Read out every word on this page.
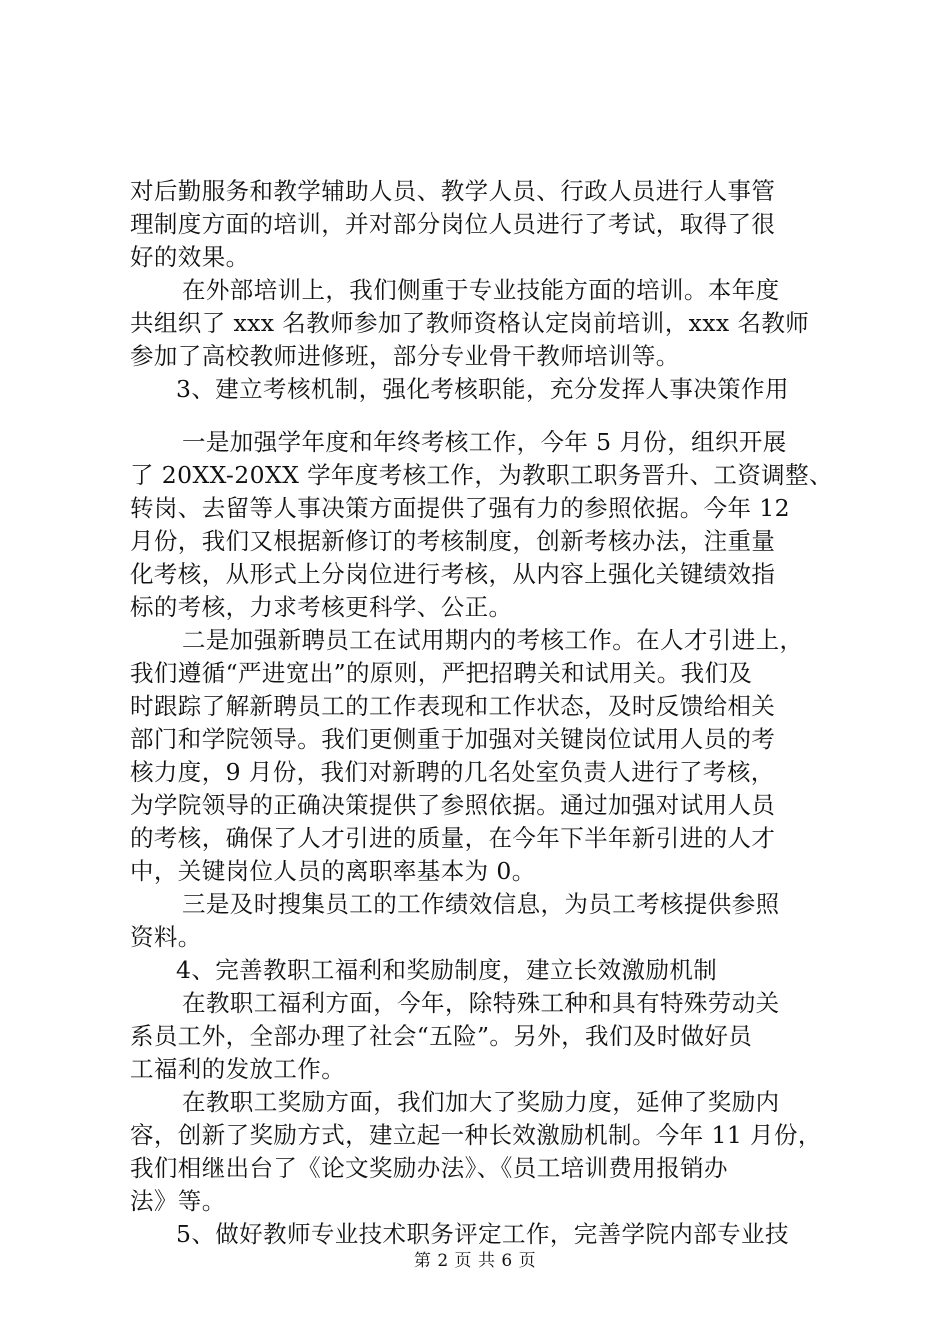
对后勤服务和教学辅助人员、教学人员、行政人员进行人事管
理制度方面的培训，并对部分岗位人员进行了考试，取得了很
好的效果。
在外部培训上，我们侧重于专业技能方面的培训。本年度
共组织了 xxx 名教师参加了教师资格认定岗前培训，xxx 名教师
参加了高校教师进修班，部分专业骨干教师培训等。
3、建立考核机制，强化考核职能，充分发挥人事决策作用
一是加强学年度和年终考核工作，今年 5 月份，组织开展
了 20XX-20XX 学年度考核工作，为教职工职务晋升、工资调整、
转岗、去留等人事决策方面提供了强有力的参照依据。今年 12
月份，我们又根据新修订的考核制度，创新考核办法，注重量
化考核，从形式上分岗位进行考核，从内容上强化关键绩效指
标的考核，力求考核更科学、公正。
二是加强新聘员工在试用期内的考核工作。在人才引进上，
我们遵循“严进宽出”的原则，严把招聘关和试用关。我们及
时跟踪了解新聘员工的工作表现和工作状态，及时反馈给相关
部门和学院领导。我们更侧重于加强对关键岗位试用人员的考
核力度，9 月份，我们对新聘的几名处室负责人进行了考核，
为学院领导的正确决策提供了参照依据。通过加强对试用人员
的考核，确保了人才引进的质量，在今年下半年新引进的人才
中，关键岗位人员的离职率基本为 0。
三是及时搜集员工的工作绩效信息，为员工考核提供参照
资料。
4、完善教职工福利和奖励制度，建立长效激励机制
在教职工福利方面，今年，除特殊工种和具有特殊劳动关
系员工外，全部办理了社会“五险”。另外，我们及时做好员
工福利的发放工作。
在教职工奖励方面，我们加大了奖励力度，延伸了奖励内
容，创新了奖励方式，建立起一种长效激励机制。今年 11 月份，
我们相继出台了《论文奖励办法》、《员工培训费用报销办
法》等。
5、做好教师专业技术职务评定工作，完善学院内部专业技
第 2 页 共 6 页
